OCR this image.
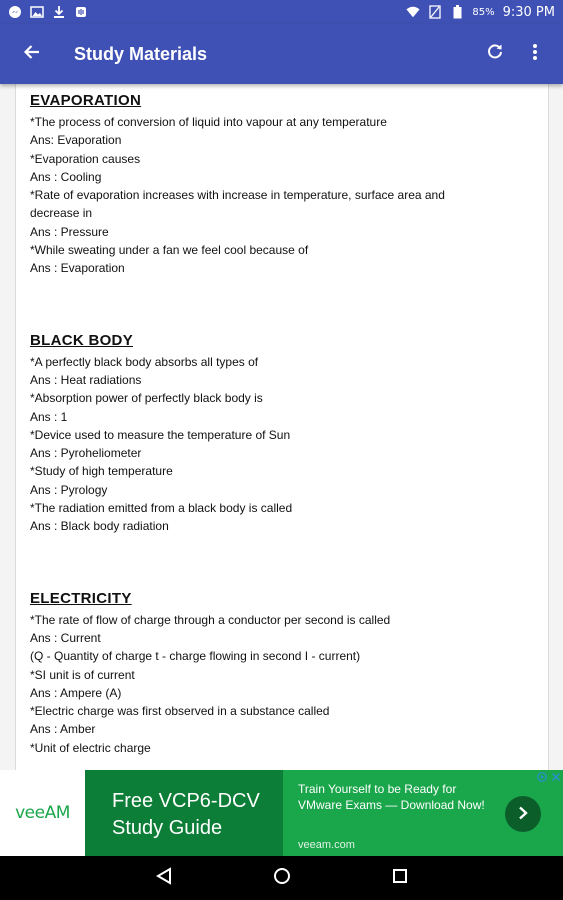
85% 9:30 PM
Study Materials
EVAPORATION
*The process of conversion of liquid into vapour at any temperature
Ans: Evaporation
*Evaporation causes
Ans : Cooling
*Rate of evaporation increases with increase in temperature, surface area and
decrease in
Ans : Pressure
*While sweating under a fan we feel cool because of
Ans : Evaporation
BLACK BODY
*A perfectly black body absorbs all types of
Ans : Heat radiations
*Absorption power of perfectly black body is
Ans : 1
*Device used to measure the temperature of Sun
Ans : Pyroheliometer
*Study of high temperature
Ans : Pyrology
*The radiation emitted from a black body is called
Ans : Black body radiation
ELECTRICITY
*The rate of flow of charge through a conductor per second is called
Ans : Current
(Q - Quantity of charge t - charge flowing in second I - current)
*SI unit is of current
Ans : Ampere (A)
*Electric charge was first observed in a substance called
Ans : Amber
*Unit of electric charge
veeAM
Free VCP6-DCV Study Guide
Train Yourself to be Ready for VMware Exams — Download Now!
veeam.com
